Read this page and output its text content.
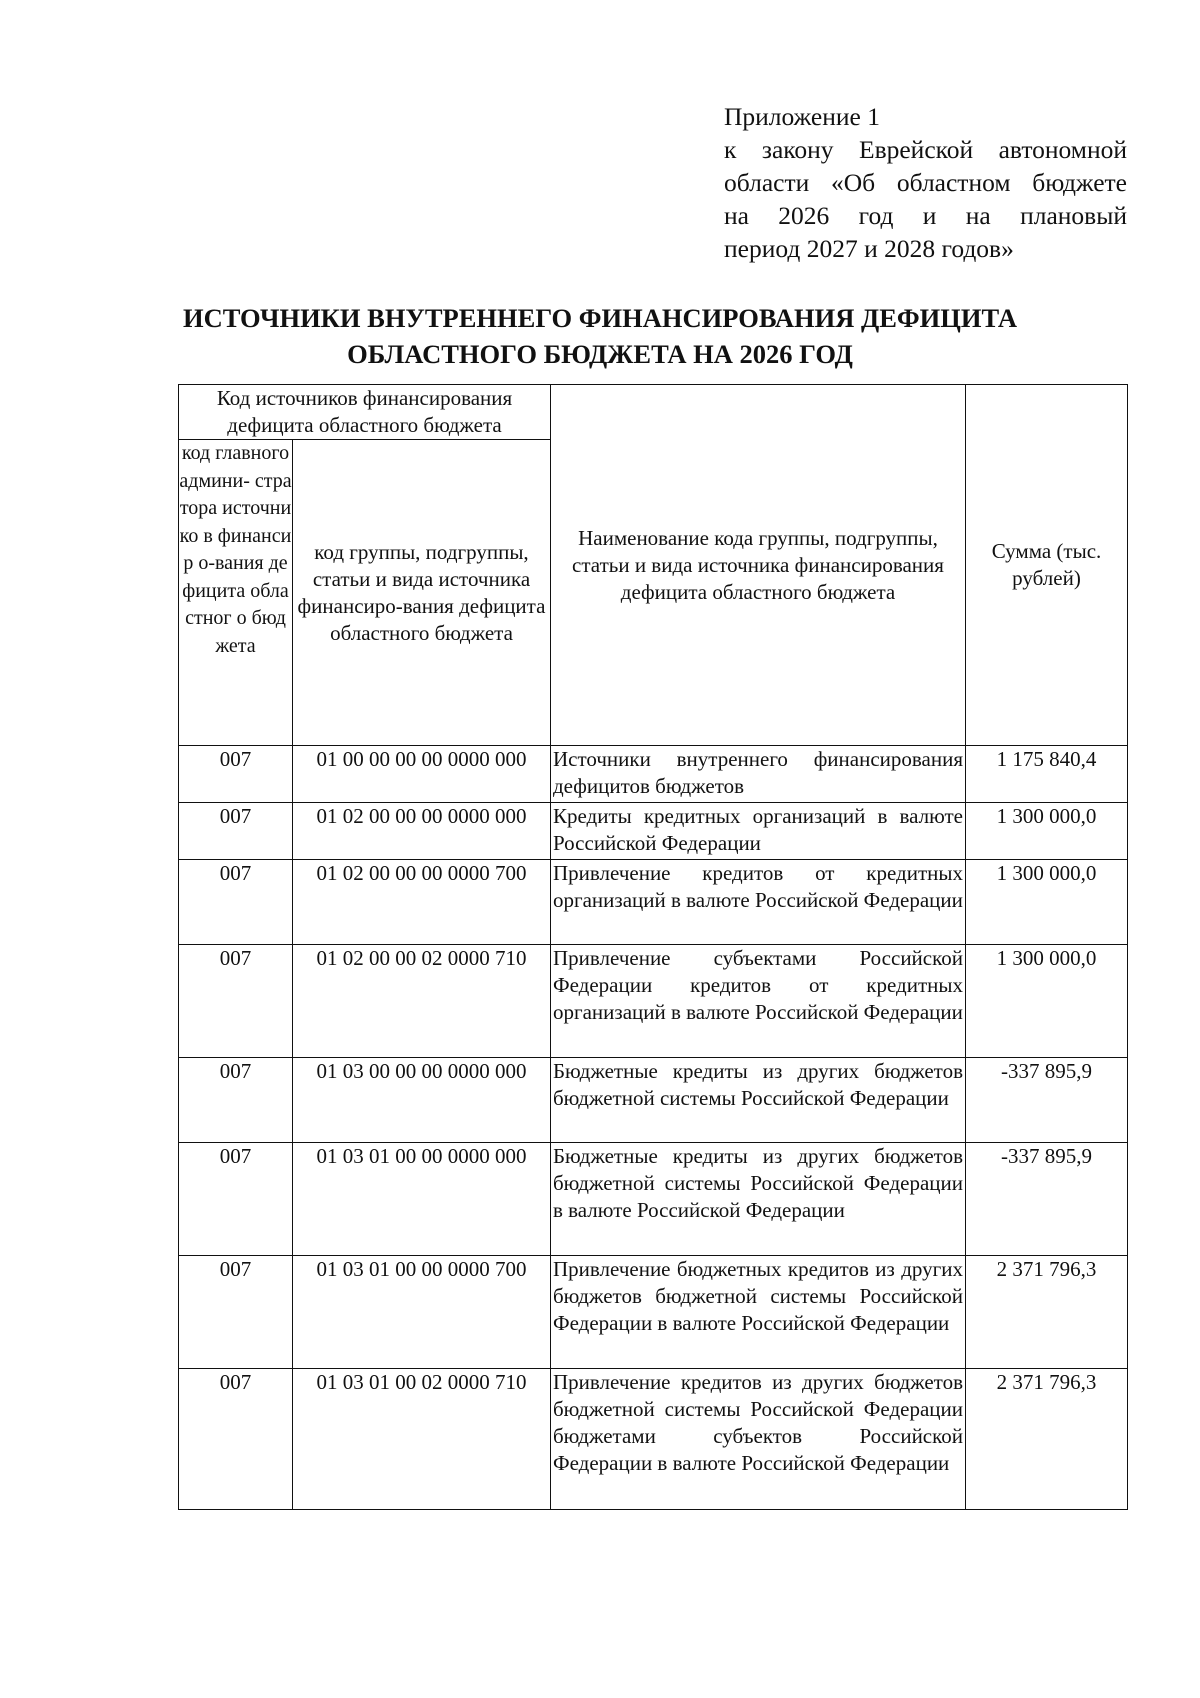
Приложение 1
к закону Еврейской автономной
области «Об областном бюджете
на 2026 год и на плановый
период 2027 и 2028 годов»
ИСТОЧНИКИ ВНУТРЕННЕГО ФИНАНСИРОВАНИЯ ДЕФИЦИТА
ОБЛАСТНОГО БЮДЖЕТА НА 2026 ГОД
Код источников финансирования дефицита областного бюджета		Наименование кода группы, подгруппы, статьи и вида источника финансирования дефицита областного бюджета	Сумма (тыс. рублей)
код главного админи- стратора источнико в финансир о-вания дефицита областног о бюджета	код группы, подгруппы, статьи и вида источника финансиро-вания дефицита областного бюджета		
007	01 00 00 00 00 0000 000	Источники внутреннего финансирования дефицитов бюджетов	1 175 840,4
007	01 02 00 00 00 0000 000	Кредиты кредитных организаций в валюте Российской Федерации	1 300 000,0
007	01 02 00 00 00 0000 700	Привлечение кредитов от кредитных организаций в валюте Российской Федерации	1 300 000,0
007	01 02 00 00 02 0000 710	Привлечение субъектами Российской Федерации кредитов от кредитных организаций в валюте Российской Федерации	1 300 000,0
007	01 03 00 00 00 0000 000	Бюджетные кредиты из других бюджетов бюджетной системы Российской Федерации	-337 895,9
007	01 03 01 00 00 0000 000	Бюджетные кредиты из других бюджетов бюджетной системы Российской Федерации в валюте Российской Федерации	-337 895,9
007	01 03 01 00 00 0000 700	Привлечение бюджетных кредитов из других бюджетов бюджетной системы Российской Федерации в валюте Российской Федерации	2 371 796,3
007	01 03 01 00 02 0000 710	Привлечение кредитов из других бюджетов бюджетной системы Российской Федерации бюджетами субъектов Российской Федерации в валюте Российской Федерации	2 371 796,3
